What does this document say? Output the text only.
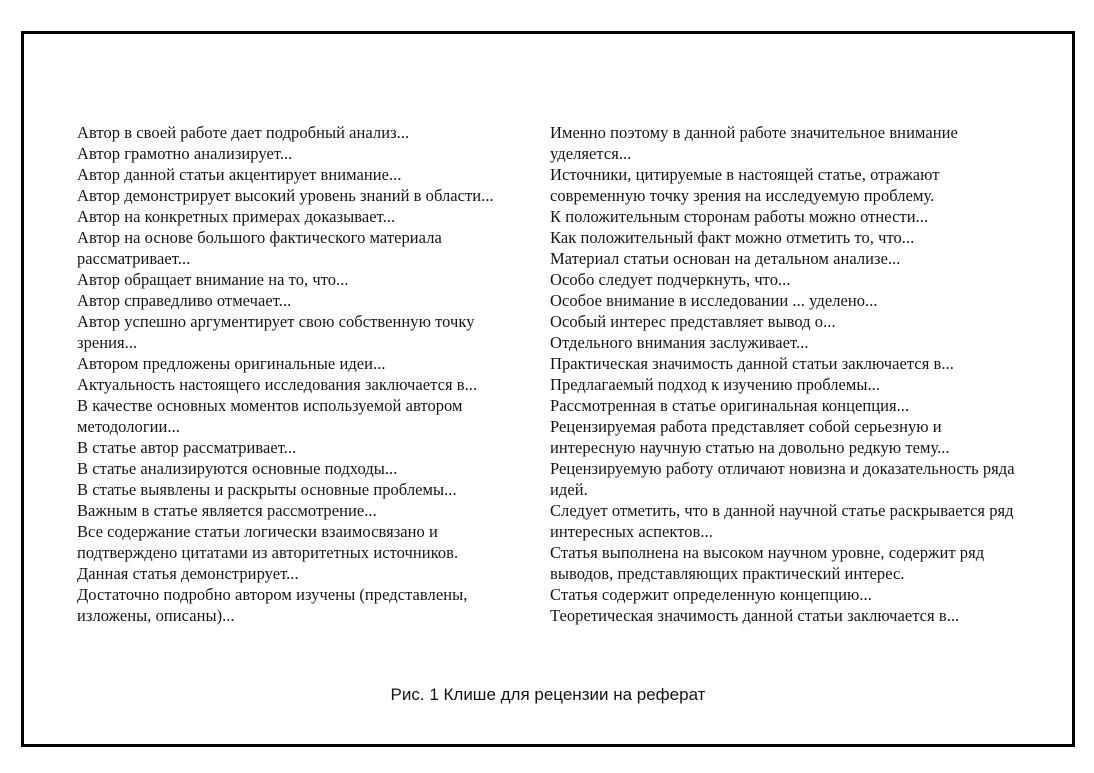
Автор в своей работе дает подробный анализ...
Автор грамотно анализирует...
Автор данной статьи акцентирует внимание...
Автор демонстрирует высокий уровень знаний в области...
Автор на конкретных примерах доказывает...
Автор на основе большого фактического материала рассматривает...
Автор обращает внимание на то, что...
Автор справедливо отмечает...
Автор успешно аргументирует свою собственную точку зрения...
Автором предложены оригинальные идеи...
Актуальность настоящего исследования заключается в...
В качестве основных моментов используемой автором методологии...
В статье автор рассматривает...
В статье анализируются основные подходы...
В статье выявлены и раскрыты основные проблемы...
Важным в статье является рассмотрение...
Все содержание статьи логически взаимосвязано и подтверждено цитатами из авторитетных источников.
Данная статья демонстрирует...
Достаточно подробно автором изучены (представлены, изложены, описаны)...
Именно поэтому в данной работе значительное внимание уделяется...
Источники, цитируемые в настоящей статье, отражают современную точку зрения на исследуемую проблему.
К положительным сторонам работы можно отнести...
Как положительный факт можно отметить то, что...
Материал статьи основан на детальном анализе...
Особо следует подчеркнуть, что...
Особое внимание в исследовании ... уделено...
Особый интерес представляет вывод о...
Отдельного внимания заслуживает...
Практическая значимость данной статьи заключается в...
Предлагаемый подход к изучению проблемы...
Рассмотренная в статье оригинальная концепция...
Рецензируемая работа представляет собой серьезную и интересную научную статью на довольно редкую тему...
Рецензируемую работу отличают новизна и доказательность ряда идей.
Следует отметить, что в данной научной статье раскрывается ряд интересных аспектов...
Статья выполнена на высоком научном уровне, содержит ряд выводов, представляющих практический интерес.
Статья содержит определенную концепцию...
Теоретическая значимость данной статьи заключается в...
Рис. 1 Клише для рецензии на реферат
